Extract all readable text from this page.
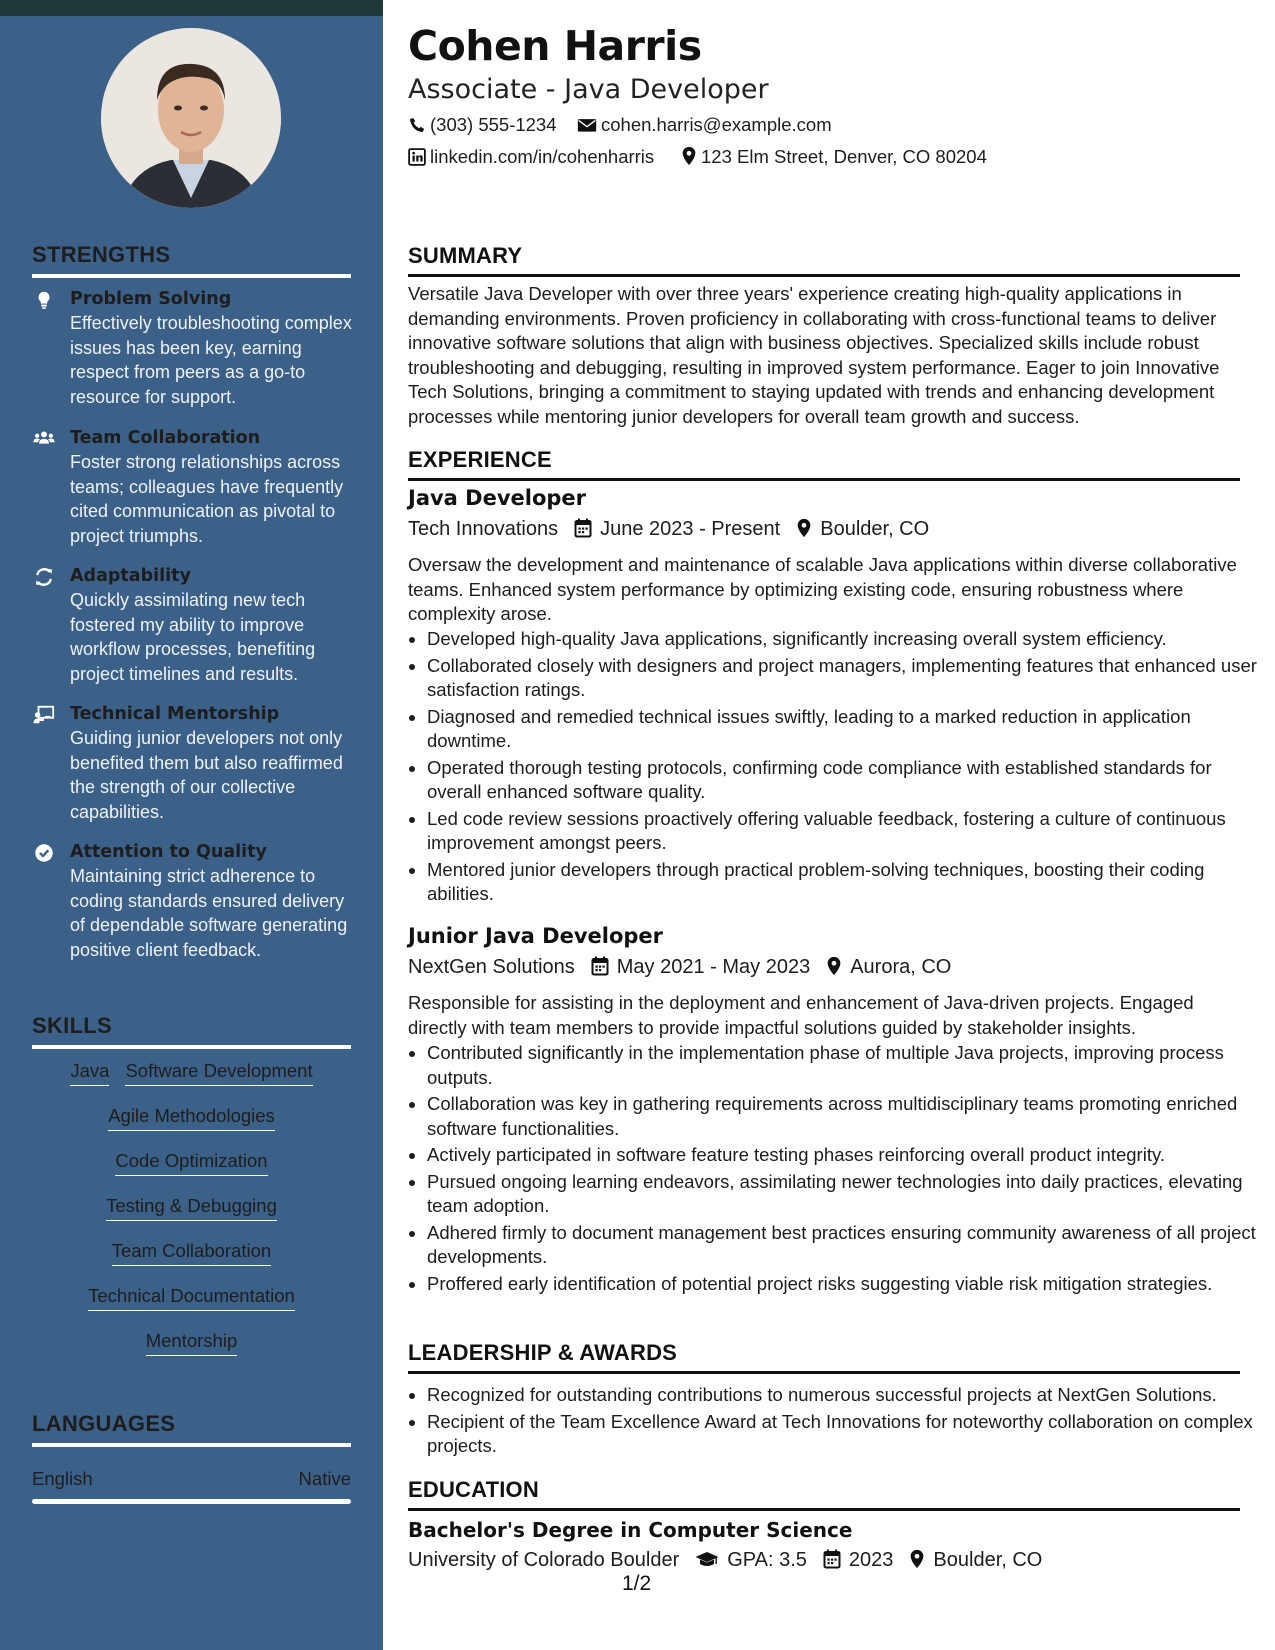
STRENGTHS
Problem Solving
Effectively troubleshooting complex issues has been key, earning respect from peers as a go-to resource for support.
Team Collaboration
Foster strong relationships across teams; colleagues have frequently cited communication as pivotal to project triumphs.
Adaptability
Quickly assimilating new tech fostered my ability to improve workflow processes, benefiting project timelines and results.
Technical Mentorship
Guiding junior developers not only benefited them but also reaffirmed the strength of our collective capabilities.
Attention to Quality
Maintaining strict adherence to coding standards ensured delivery of dependable software generating positive client feedback.
SKILLS
Java Software Development
Agile Methodologies
Code Optimization
Testing & Debugging
Team Collaboration
Technical Documentation
Mentorship
LANGUAGES
English	Native
Cohen Harris
Associate - Java Developer
(303) 555-1234	cohen.harris@example.com
linkedin.com/in/cohenharris	123 Elm Street, Denver, CO 80204
SUMMARY
Versatile Java Developer with over three years' experience creating high-quality applications in demanding environments. Proven proficiency in collaborating with cross-functional teams to deliver innovative software solutions that align with business objectives. Specialized skills include robust troubleshooting and debugging, resulting in improved system performance. Eager to join Innovative Tech Solutions, bringing a commitment to staying updated with trends and enhancing development processes while mentoring junior developers for overall team growth and success.
EXPERIENCE
Java Developer
Tech Innovations June 2023 - Present Boulder, CO
Oversaw the development and maintenance of scalable Java applications within diverse collaborative teams. Enhanced system performance by optimizing existing code, ensuring robustness where complexity arose.
• Developed high-quality Java applications, significantly increasing overall system efficiency.
• Collaborated closely with designers and project managers, implementing features that enhanced user satisfaction ratings.
• Diagnosed and remedied technical issues swiftly, leading to a marked reduction in application downtime.
• Operated thorough testing protocols, confirming code compliance with established standards for overall enhanced software quality.
• Led code review sessions proactively offering valuable feedback, fostering a culture of continuous improvement amongst peers.
• Mentored junior developers through practical problem-solving techniques, boosting their coding abilities.
Junior Java Developer
NextGen Solutions May 2021 - May 2023 Aurora, CO
Responsible for assisting in the deployment and enhancement of Java-driven projects. Engaged directly with team members to provide impactful solutions guided by stakeholder insights.
• Contributed significantly in the implementation phase of multiple Java projects, improving process outputs.
• Collaboration was key in gathering requirements across multidisciplinary teams promoting enriched software functionalities.
• Actively participated in software feature testing phases reinforcing overall product integrity.
• Pursued ongoing learning endeavors, assimilating newer technologies into daily practices, elevating team adoption.
• Adhered firmly to document management best practices ensuring community awareness of all project developments.
• Proffered early identification of potential project risks suggesting viable risk mitigation strategies.
LEADERSHIP & AWARDS
• Recognized for outstanding contributions to numerous successful projects at NextGen Solutions.
• Recipient of the Team Excellence Award at Tech Innovations for noteworthy collaboration on complex projects.
EDUCATION
Bachelor's Degree in Computer Science
University of Colorado Boulder GPA: 3.5 2023 Boulder, CO
1/2
